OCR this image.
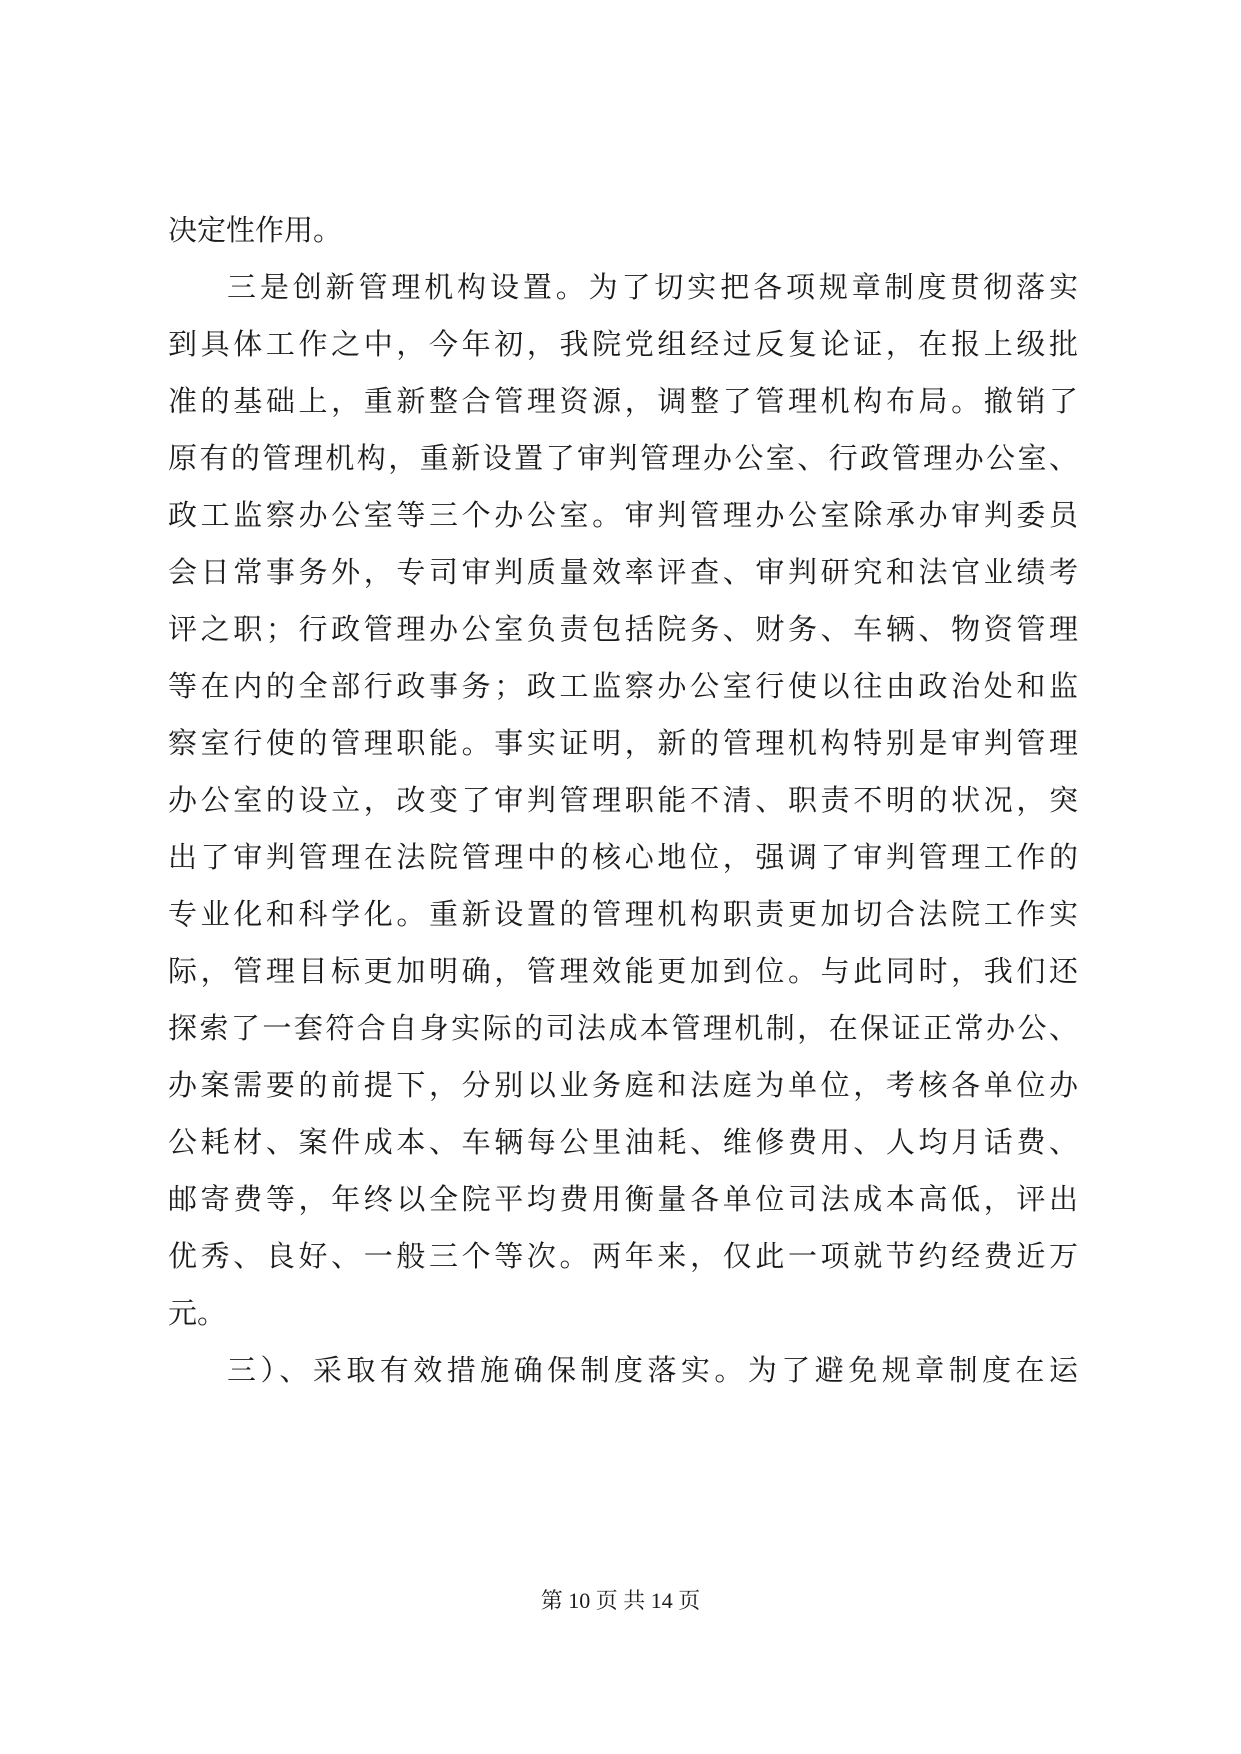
决定性作用。
三是创新管理机构设置。为了切实把各项规章制度贯彻落实
到具体工作之中，今年初，我院党组经过反复论证，在报上级批
准的基础上，重新整合管理资源，调整了管理机构布局。撤销了
原有的管理机构，重新设置了审判管理办公室、行政管理办公室、
政工监察办公室等三个办公室。审判管理办公室除承办审判委员
会日常事务外，专司审判质量效率评查、审判研究和法官业绩考
评之职；行政管理办公室负责包括院务、财务、车辆、物资管理
等在内的全部行政事务；政工监察办公室行使以往由政治处和监
察室行使的管理职能。事实证明，新的管理机构特别是审判管理
办公室的设立，改变了审判管理职能不清、职责不明的状况，突
出了审判管理在法院管理中的核心地位，强调了审判管理工作的
专业化和科学化。重新设置的管理机构职责更加切合法院工作实
际，管理目标更加明确，管理效能更加到位。与此同时，我们还
探索了一套符合自身实际的司法成本管理机制，在保证正常办公、
办案需要的前提下，分别以业务庭和法庭为单位，考核各单位办
公耗材、案件成本、车辆每公里油耗、维修费用、人均月话费、
邮寄费等，年终以全院平均费用衡量各单位司法成本高低，评出
优秀、良好、一般三个等次。两年来，仅此一项就节约经费近万
元。
三）、采取有效措施确保制度落实。为了避免规章制度在运
第 10 页 共 14 页
